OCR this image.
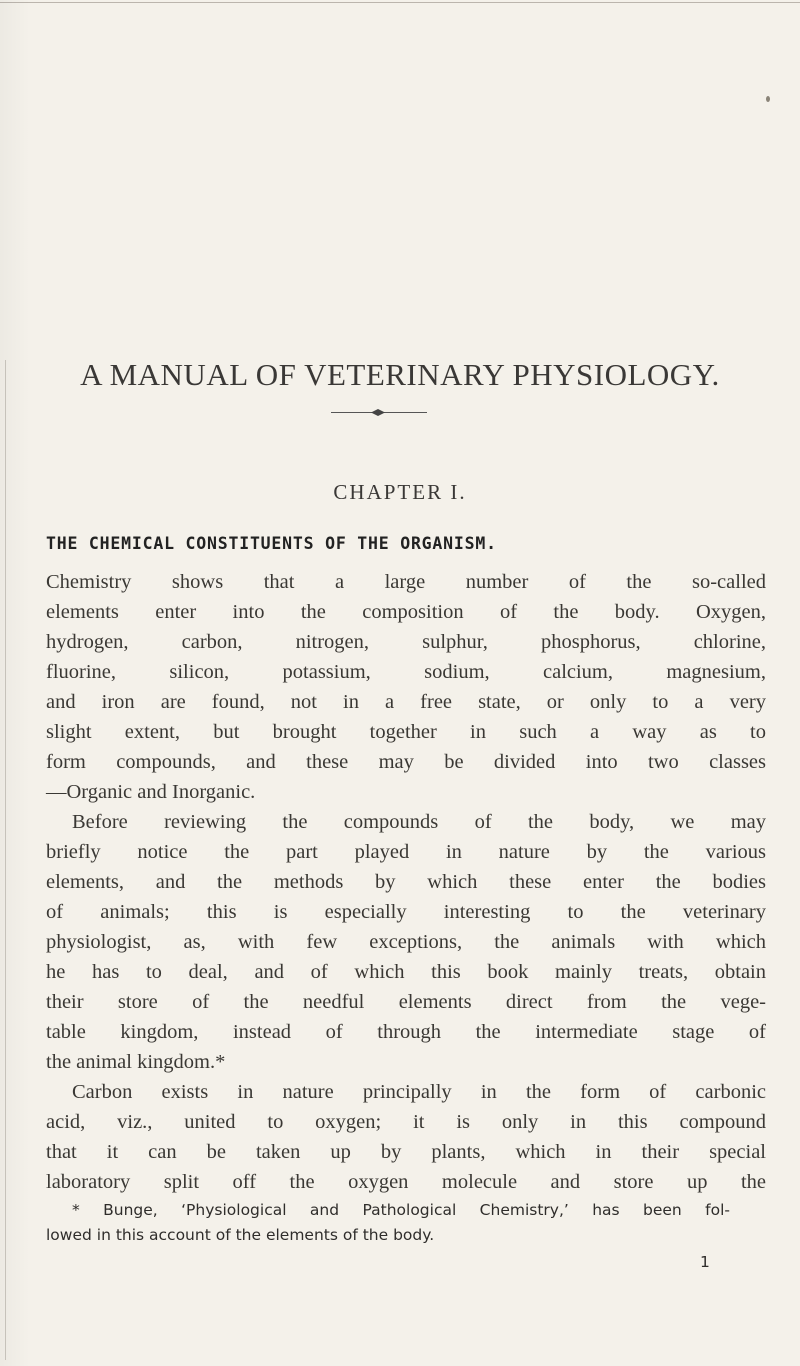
A MANUAL OF VETERINARY PHYSIOLOGY.
CHAPTER I.
THE CHEMICAL CONSTITUENTS OF THE ORGANISM.
Chemistry shows that a large number of the so-called
elements enter into the composition of the body. Oxygen,
hydrogen, carbon, nitrogen, sulphur, phosphorus, chlorine,
fluorine, silicon, potassium, sodium, calcium, magnesium,
and iron are found, not in a free state, or only to a very
slight extent, but brought together in such a way as to
form compounds, and these may be divided into two classes
—Organic and Inorganic.
Before reviewing the compounds of the body, we may
briefly notice the part played in nature by the various
elements, and the methods by which these enter the bodies
of animals; this is especially interesting to the veterinary
physiologist, as, with few exceptions, the animals with which
he has to deal, and of which this book mainly treats, obtain
their store of the needful elements direct from the vege-
table kingdom, instead of through the intermediate stage of
the animal kingdom.*
Carbon exists in nature principally in the form of carbonic
acid, viz., united to oxygen; it is only in this compound
that it can be taken up by plants, which in their special
laboratory split off the oxygen molecule and store up the
* Bunge, ‘Physiological and Pathological Chemistry,’ has been fol-
lowed in this account of the elements of the body.
1
